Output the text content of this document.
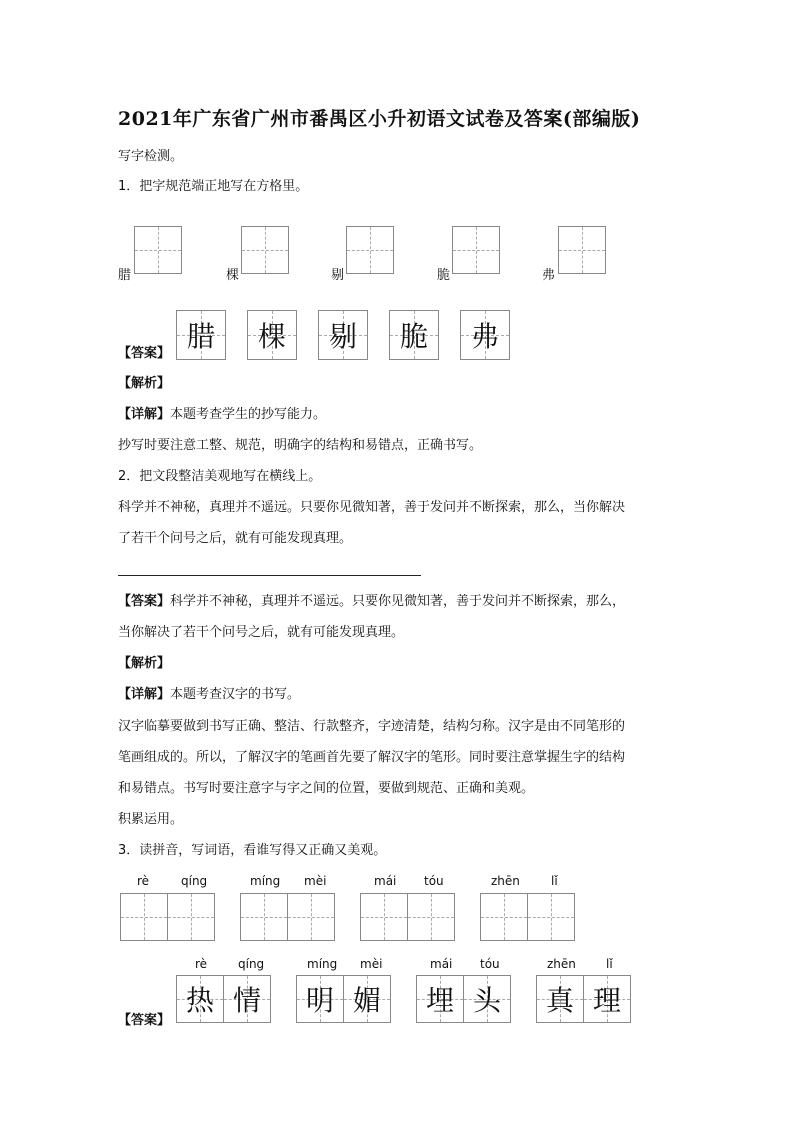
2021年广东省广州市番禺区小升初语文试卷及答案(部编版)
写字检测。
1．把字规范端正地写在方格里。
腊	棵	剔	脆	弗
【答案】
腊	棵	剔	脆	弗
【解析】
【详解】本题考查学生的抄写能力。
抄写时要注意工整、规范，明确字的结构和易错点，正确书写。
2．把文段整洁美观地写在横线上。
科学并不神秘，真理并不遥远。只要你见微知著，善于发问并不断探索，那么，当你解决
了若干个问号之后，就有可能发现真理。
【答案】科学并不神秘，真理并不遥远。只要你见微知著，善于发问并不断探索，那么，
当你解决了若干个问号之后，就有可能发现真理。
【解析】
【详解】本题考查汉字的书写。
汉字临摹要做到书写正确、整洁、行款整齐，字迹清楚，结构匀称。汉字是由不同笔形的
笔画组成的。所以，了解汉字的笔画首先要了解汉字的笔形。同时要注意掌握生字的结构
和易错点。书写时要注意字与字之间的位置，要做到规范、正确和美观。
积累运用。
3．读拼音，写词语，看谁写得又正确又美观。
rè	qíng	míng mèi	mái tóu	zhēn	lǐ
rè	qíng
热 情
míng mèi
明 媚
mái tóu
埋 头
zhēn	lǐ
真 理
【答案】
